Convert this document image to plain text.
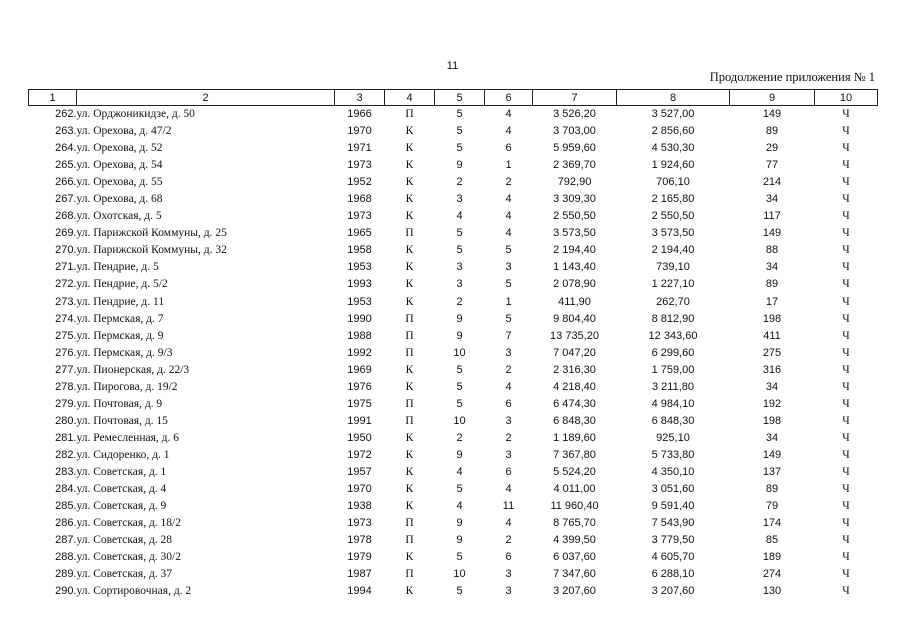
11
Продолжение приложения № 1
1	2	3	4	5	6	7	8	9	10
262.	ул. Орджоникидзе, д. 50	1966	П	5	4	3 526,20	3 527,00	149	Ч
263.	ул. Орехова, д. 47/2	1970	К	5	4	3 703,00	2 856,60	89	Ч
264.	ул. Орехова, д. 52	1971	К	5	6	5 959,60	4 530,30	29	Ч
265.	ул. Орехова, д. 54	1973	К	9	1	2 369,70	1 924,60	77	Ч
266.	ул. Орехова, д. 55	1952	К	2	2	792,90	706,10	214	Ч
267.	ул. Орехова, д. 68	1968	К	3	4	3 309,30	2 165,80	34	Ч
268.	ул. Охотская, д. 5	1973	К	4	4	2 550,50	2 550,50	117	Ч
269.	ул. Парижской Коммуны, д. 25	1965	П	5	4	3 573,50	3 573,50	149	Ч
270.	ул. Парижской Коммуны, д. 32	1958	К	5	5	2 194,40	2 194,40	88	Ч
271.	ул. Пендрие, д. 5	1953	К	3	3	1 143,40	739,10	34	Ч
272.	ул. Пендрие, д. 5/2	1993	К	3	5	2 078,90	1 227,10	89	Ч
273.	ул. Пендрие, д. 11	1953	К	2	1	411,90	262,70	17	Ч
274.	ул. Пермская, д. 7	1990	П	9	5	9 804,40	8 812,90	198	Ч
275.	ул. Пермская, д. 9	1988	П	9	7	13 735,20	12 343,60	411	Ч
276.	ул. Пермская, д. 9/3	1992	П	10	3	7 047,20	6 299,60	275	Ч
277.	ул. Пионерская, д. 22/3	1969	К	5	2	2 316,30	1 759,00	316	Ч
278.	ул. Пирогова, д. 19/2	1976	К	5	4	4 218,40	3 211,80	34	Ч
279.	ул. Почтовая, д. 9	1975	П	5	6	6 474,30	4 984,10	192	Ч
280.	ул. Почтовая, д. 15	1991	П	10	3	6 848,30	6 848,30	198	Ч
281.	ул. Ремесленная, д. 6	1950	К	2	2	1 189,60	925,10	34	Ч
282.	ул. Сидоренко, д. 1	1972	К	9	3	7 367,80	5 733,80	149	Ч
283.	ул. Советская, д. 1	1957	К	4	6	5 524,20	4 350,10	137	Ч
284.	ул. Советская, д. 4	1970	К	5	4	4 011,00	3 051,60	89	Ч
285.	ул. Советская, д. 9	1938	К	4	11	11 960,40	9 591,40	79	Ч
286.	ул. Советская, д. 18/2	1973	П	9	4	8 765,70	7 543,90	174	Ч
287.	ул. Советская, д. 28	1978	П	9	2	4 399,50	3 779,50	85	Ч
288.	ул. Советская, д. 30/2	1979	К	5	6	6 037,60	4 605,70	189	Ч
289.	ул. Советская, д. 37	1987	П	10	3	7 347,60	6 288,10	274	Ч
290.	ул. Сортировочная, д. 2	1994	К	5	3	3 207,60	3 207,60	130	Ч
